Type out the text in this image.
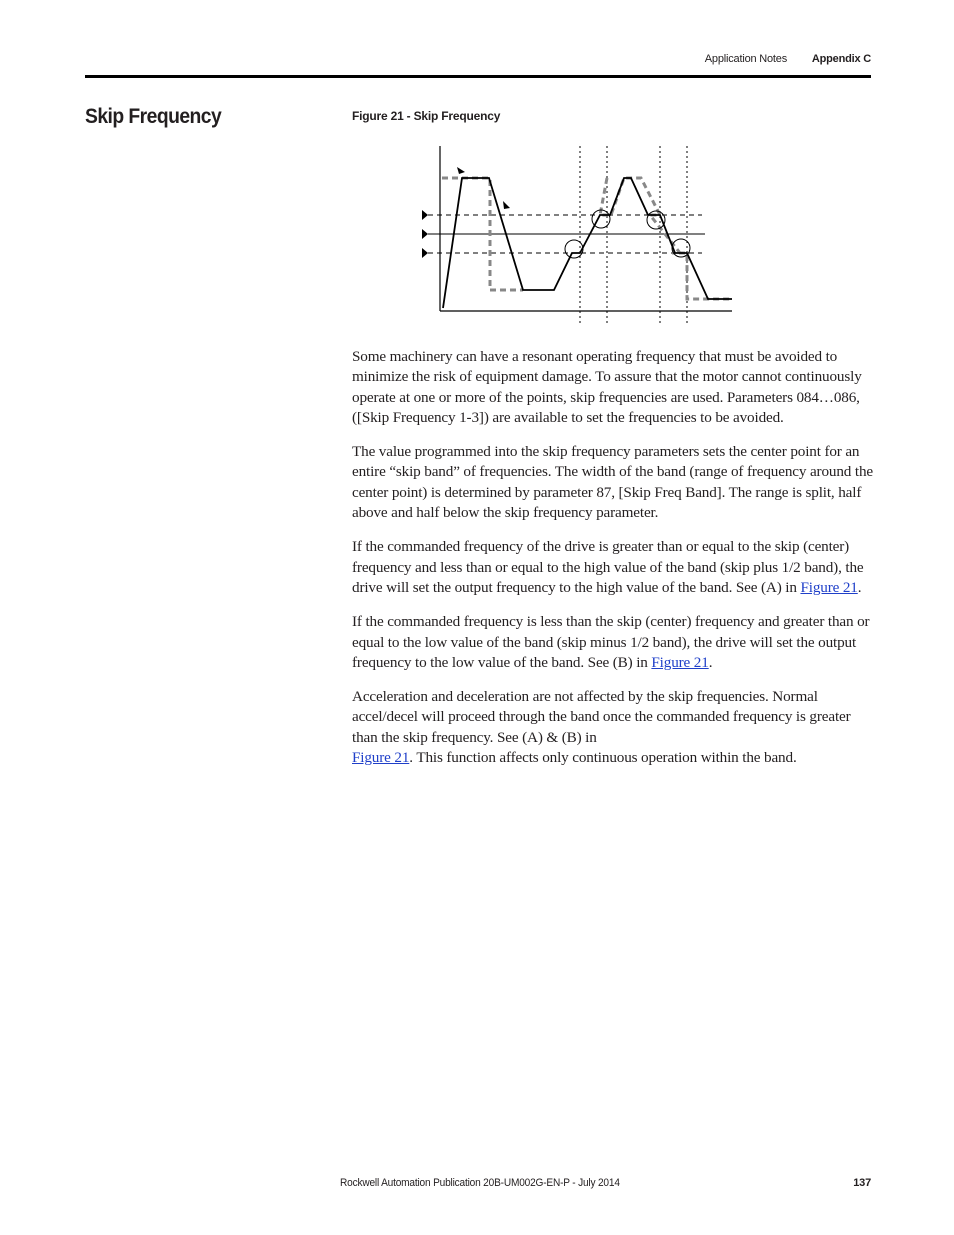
Application Notes Appendix C
Skip Frequency	Figure 21 - Skip Frequency

Some machinery can have a resonant operating frequency that must be avoided to minimize the risk of equipment damage. To assure that the motor cannot continuously operate at one or more of the points, skip frequencies are used. Parameters 084…086, ([Skip Frequency 1-3]) are available to set the frequencies to be avoided.

The value programmed into the skip frequency parameters sets the center point for an entire “skip band” of frequencies. The width of the band (range of frequency around the center point) is determined by parameter 87, [Skip Freq Band]. The range is split, half above and half below the skip frequency parameter.

If the commanded frequency of the drive is greater than or equal to the skip (center) frequency and less than or equal to the high value of the band (skip plus 1/2 band), the drive will set the output frequency to the high value of the band. See (A) in Figure 21.

If the commanded frequency is less than the skip (center) frequency and greater than or equal to the low value of the band (skip minus 1/2 band), the drive will set the output frequency to the low value of the band. See (B) in Figure 21.

Acceleration and deceleration are not affected by the skip frequencies. Normal accel/decel will proceed through the band once the commanded frequency is greater than the skip frequency. See (A) & (B) in
Figure 21. This function affects only continuous operation within the band.

Rockwell Automation Publication 20B-UM002G-EN-P - July 2014	137
